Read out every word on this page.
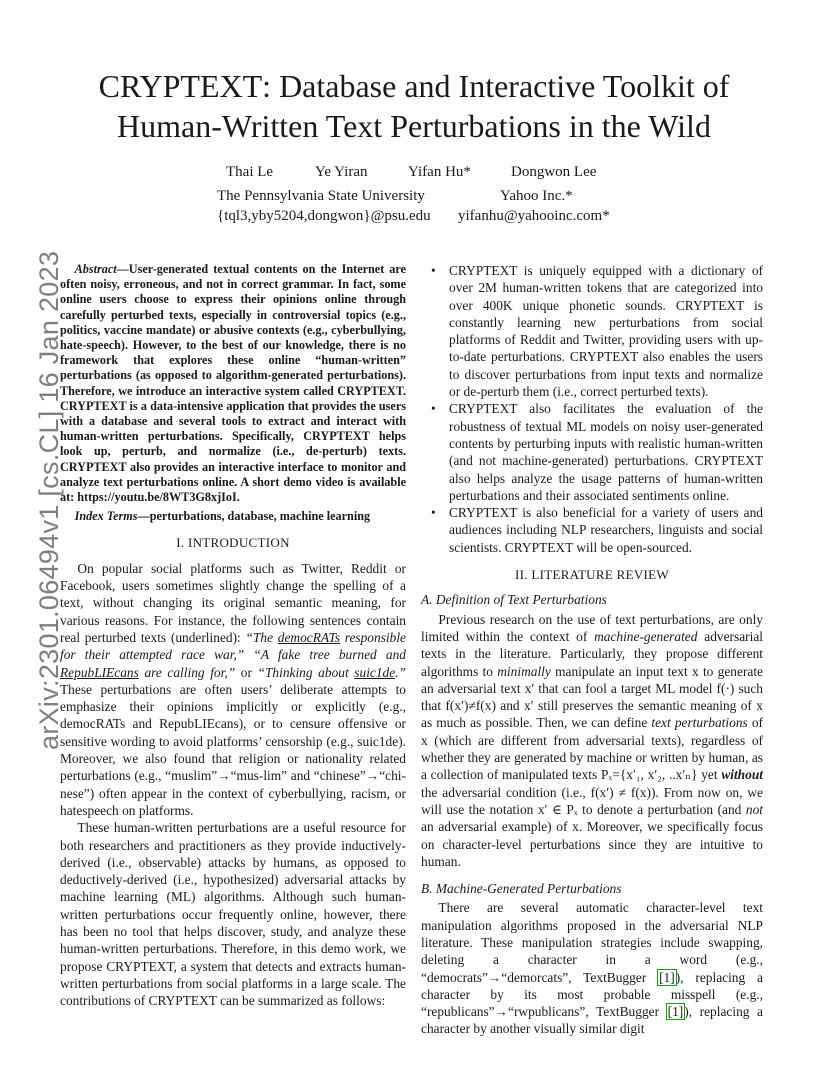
CRYPTEXT: Database and Interactive Toolkit of
Human-Written Text Perturbations in the Wild
Thai Le	Ye Yiran	Yifan Hu*	Dongwon Lee
The Pennsylvania State University	Yahoo Inc.*
{tql3,yby5204,dongwon}@psu.edu yifanhu@yahooinc.com*
arXiv:2301.06494v1 [cs.CL] 16 Jan 2023 Abstract—User-generated textual contents on the Internet are often noisy, erroneous, and not in correct grammar. In fact, some online users choose to express their opinions online through carefully perturbed texts, especially in controversial topics (e.g., politics, vaccine mandate) or abusive contexts (e.g., cyberbullying, hate-speech). However, to the best of our knowledge, there is no framework that explores these online “human-written” perturbations (as opposed to algorithm-generated perturbations). Therefore, we introduce an interactive system called CRYPTEXT. CRYPTEXT is a data-intensive application that provides the users with a database and several tools to extract and interact with human-written perturbations. Specifically, CRYPTEXT helps look up, perturb, and normalize (i.e., de-perturb) texts. CRYPTEXT also provides an interactive interface to monitor and analyze text perturbations online. A short demo video is available at: https://youtu.be/8WT3G8xjIoI.

Index Terms—perturbations, database, machine learning

I. INTRODUCTION

On popular social platforms such as Twitter, Reddit or Facebook, users sometimes slightly change the spelling of a text, without changing its original semantic meaning, for various reasons. For instance, the following sentences contain real perturbed texts (underlined): “The democRATs responsible for their attempted race war,” “A fake tree burned and RepubLIEcans are calling for,” or “Thinking about suic1de.” These perturbations are often users’ deliberate attempts to emphasize their opinions implicitly or explicitly (e.g., democRATs and RepubLIEcans), or to censure offensive or sensitive wording to avoid platforms’ censorship (e.g., suic1de). Moreover, we also found that religion or nationality related perturbations (e.g., “muslim”→“mus-lim” and “chinese”→“chi-nese”) often appear in the context of cyberbullying, racism, or hatespeech on platforms.

These human-written perturbations are a useful resource for both researchers and practitioners as they provide inductively-derived (i.e., observable) attacks by humans, as opposed to deductively-derived (i.e., hypothesized) adversarial attacks by machine learning (ML) algorithms. Although such human-written perturbations occur frequently online, however, there has been no tool that helps discover, study, and analyze these human-written perturbations. Therefore, in this demo work, we propose CRYPTEXT, a system that detects and extracts human-written perturbations from social platforms in a large scale. The contributions of CRYPTEXT can be summarized as follows:

• CRYPTEXT is uniquely equipped with a dictionary of over 2M human-written tokens that are categorized into over 400K unique phonetic sounds. CRYPTEXT is constantly learning new perturbations from social platforms of Reddit and Twitter, providing users with up-to-date perturbations. CRYPTEXT also enables the users to discover perturbations from input texts and normalize or de-perturb them (i.e., correct perturbed texts).
• CRYPTEXT also facilitates the evaluation of the robustness of textual ML models on noisy user-generated contents by perturbing inputs with realistic human-written (and not machine-generated) perturbations. CRYPTEXT also helps analyze the usage patterns of human-written perturbations and their associated sentiments online.
• CRYPTEXT is also beneficial for a variety of users and audiences including NLP researchers, linguists and social scientists. CRYPTEXT will be open-sourced.
II. LITERATURE REVIEW
A. Definition of Text Perturbations

Previous research on the use of text perturbations, are only limited within the context of machine-generated adversarial texts in the literature. Particularly, they propose different algorithms to minimally manipulate an input text x to generate an adversarial text x′ that can fool a target ML model f(·) such that f(x′)≠f(x) and x′ still preserves the semantic meaning of x as much as possible. Then, we can define text perturbations of x (which are different from adversarial texts), regardless of whether they are generated by machine or written by human, as a collection of manipulated texts Pₓ={x′₁, x′₂, ..x′ₙ} yet without the adversarial condition (i.e., f(x′) ≠ f(x)). From now on, we will use the notation x′ ∈ Pₓ to denote a perturbation (and not an adversarial example) of x. Moreover, we specifically focus on character-level perturbations since they are intuitive to human.

B. Machine-Generated Perturbations

There are several automatic character-level text manipulation algorithms proposed in the adversarial NLP literature. These manipulation strategies include swapping, deleting a character in a word (e.g., “democrats”→“demorcats”, TextBugger [1]), replacing a character by its most probable misspell (e.g., “republicans”→“rwpublicans”, TextBugger [1]), replacing a character by another visually similar digit
